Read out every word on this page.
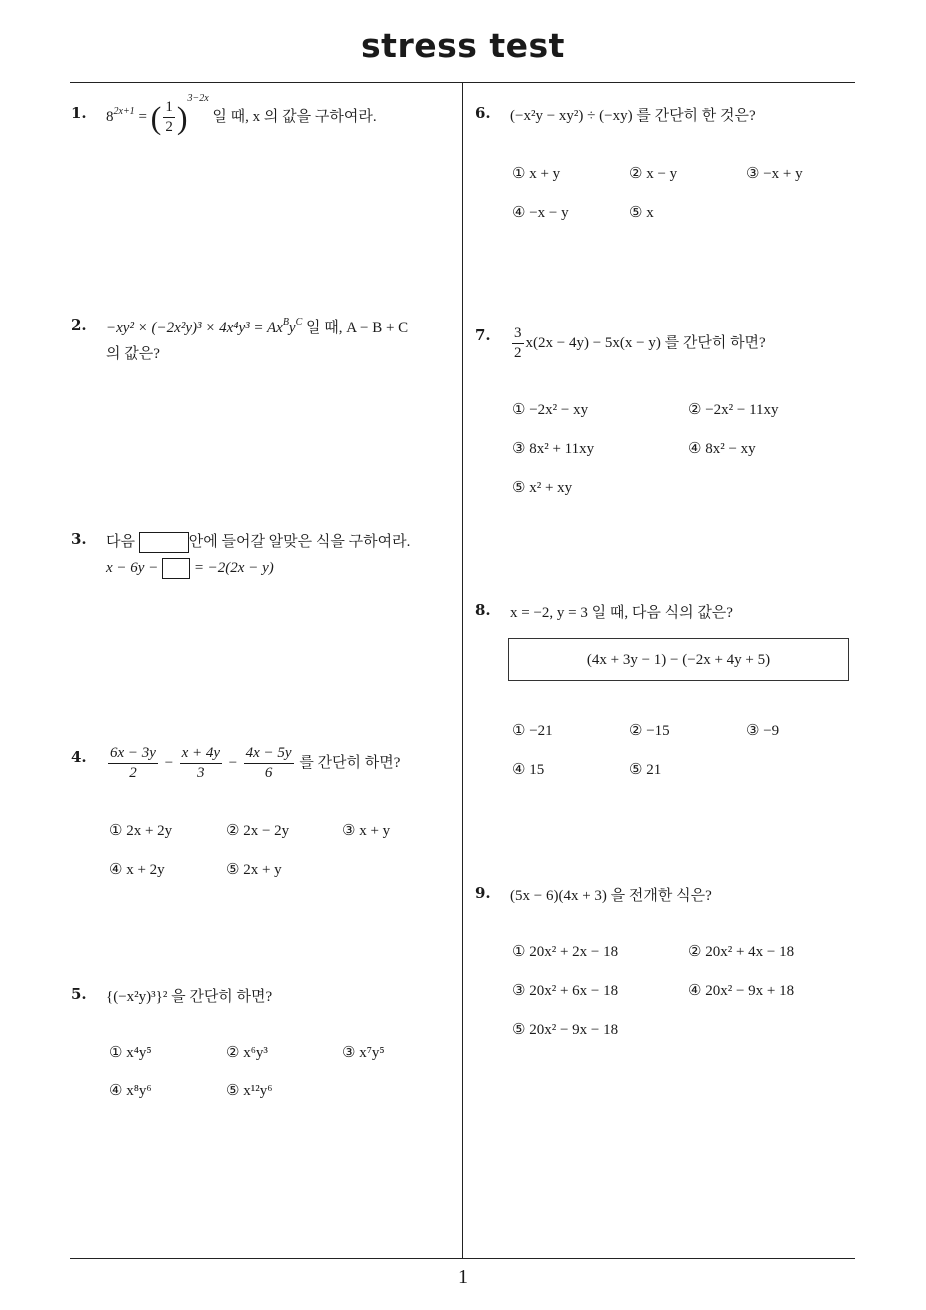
stress test
1
1. $8^{2x+1}$ = ( $\frac{1}{2} )^{3-2x}$ 일 때, x 의 값을 구하여라.
2. $-xy^2 \times (-2x^2y)^3 \times 4x^4y^3 = Ax^By^C$ 일 때, A − B + C
의 값은?
3. 다음	안에 들어갈 알맞은 식을 구하여라.
x − 6y −  = −2(2x − y)
4. $\frac{6x - 3y}{2} - \frac{x + 4y}{3} - \frac{4x - 5y}{6}$ 를 간단히 하면?
① 2x + 2y	② 2x − 2y	③ x + y
④ x + 2y	⑤ 2x + y
5. {(−x²y)³}² 을 간단히 하면?
① x⁴y⁵	② x⁶y³	③ x⁷y⁵
④ x⁸y⁶	⑤ x¹²y⁶
6. (−x²y − xy²) ÷ (−xy) 를 간단히 한 것은?
① x + y	② x − y	③ −x + y
④ −x − y	⑤ x
7. $\frac{3}{2} x(2x - 4y) - 5x(x - y)$ 를 간단히 하면?
① −2x² − xy	② −2x² − 11xy
③ 8x² + 11xy	④ 8x² − xy
⑤ x² + xy
8. x = −2, y = 3 일 때, 다음 식의 값은?
(4x + 3y − 1) − (−2x + 4y + 5)
① −21	② −15	③ −9
④ 15	⑤ 21
9. (5x − 6)(4x + 3) 을 전개한 식은?
① 20x² + 2x − 18	② 20x² + 4x − 18
③ 20x² + 6x − 18	④ 20x² − 9x + 18
⑤ 20x² − 9x − 18
